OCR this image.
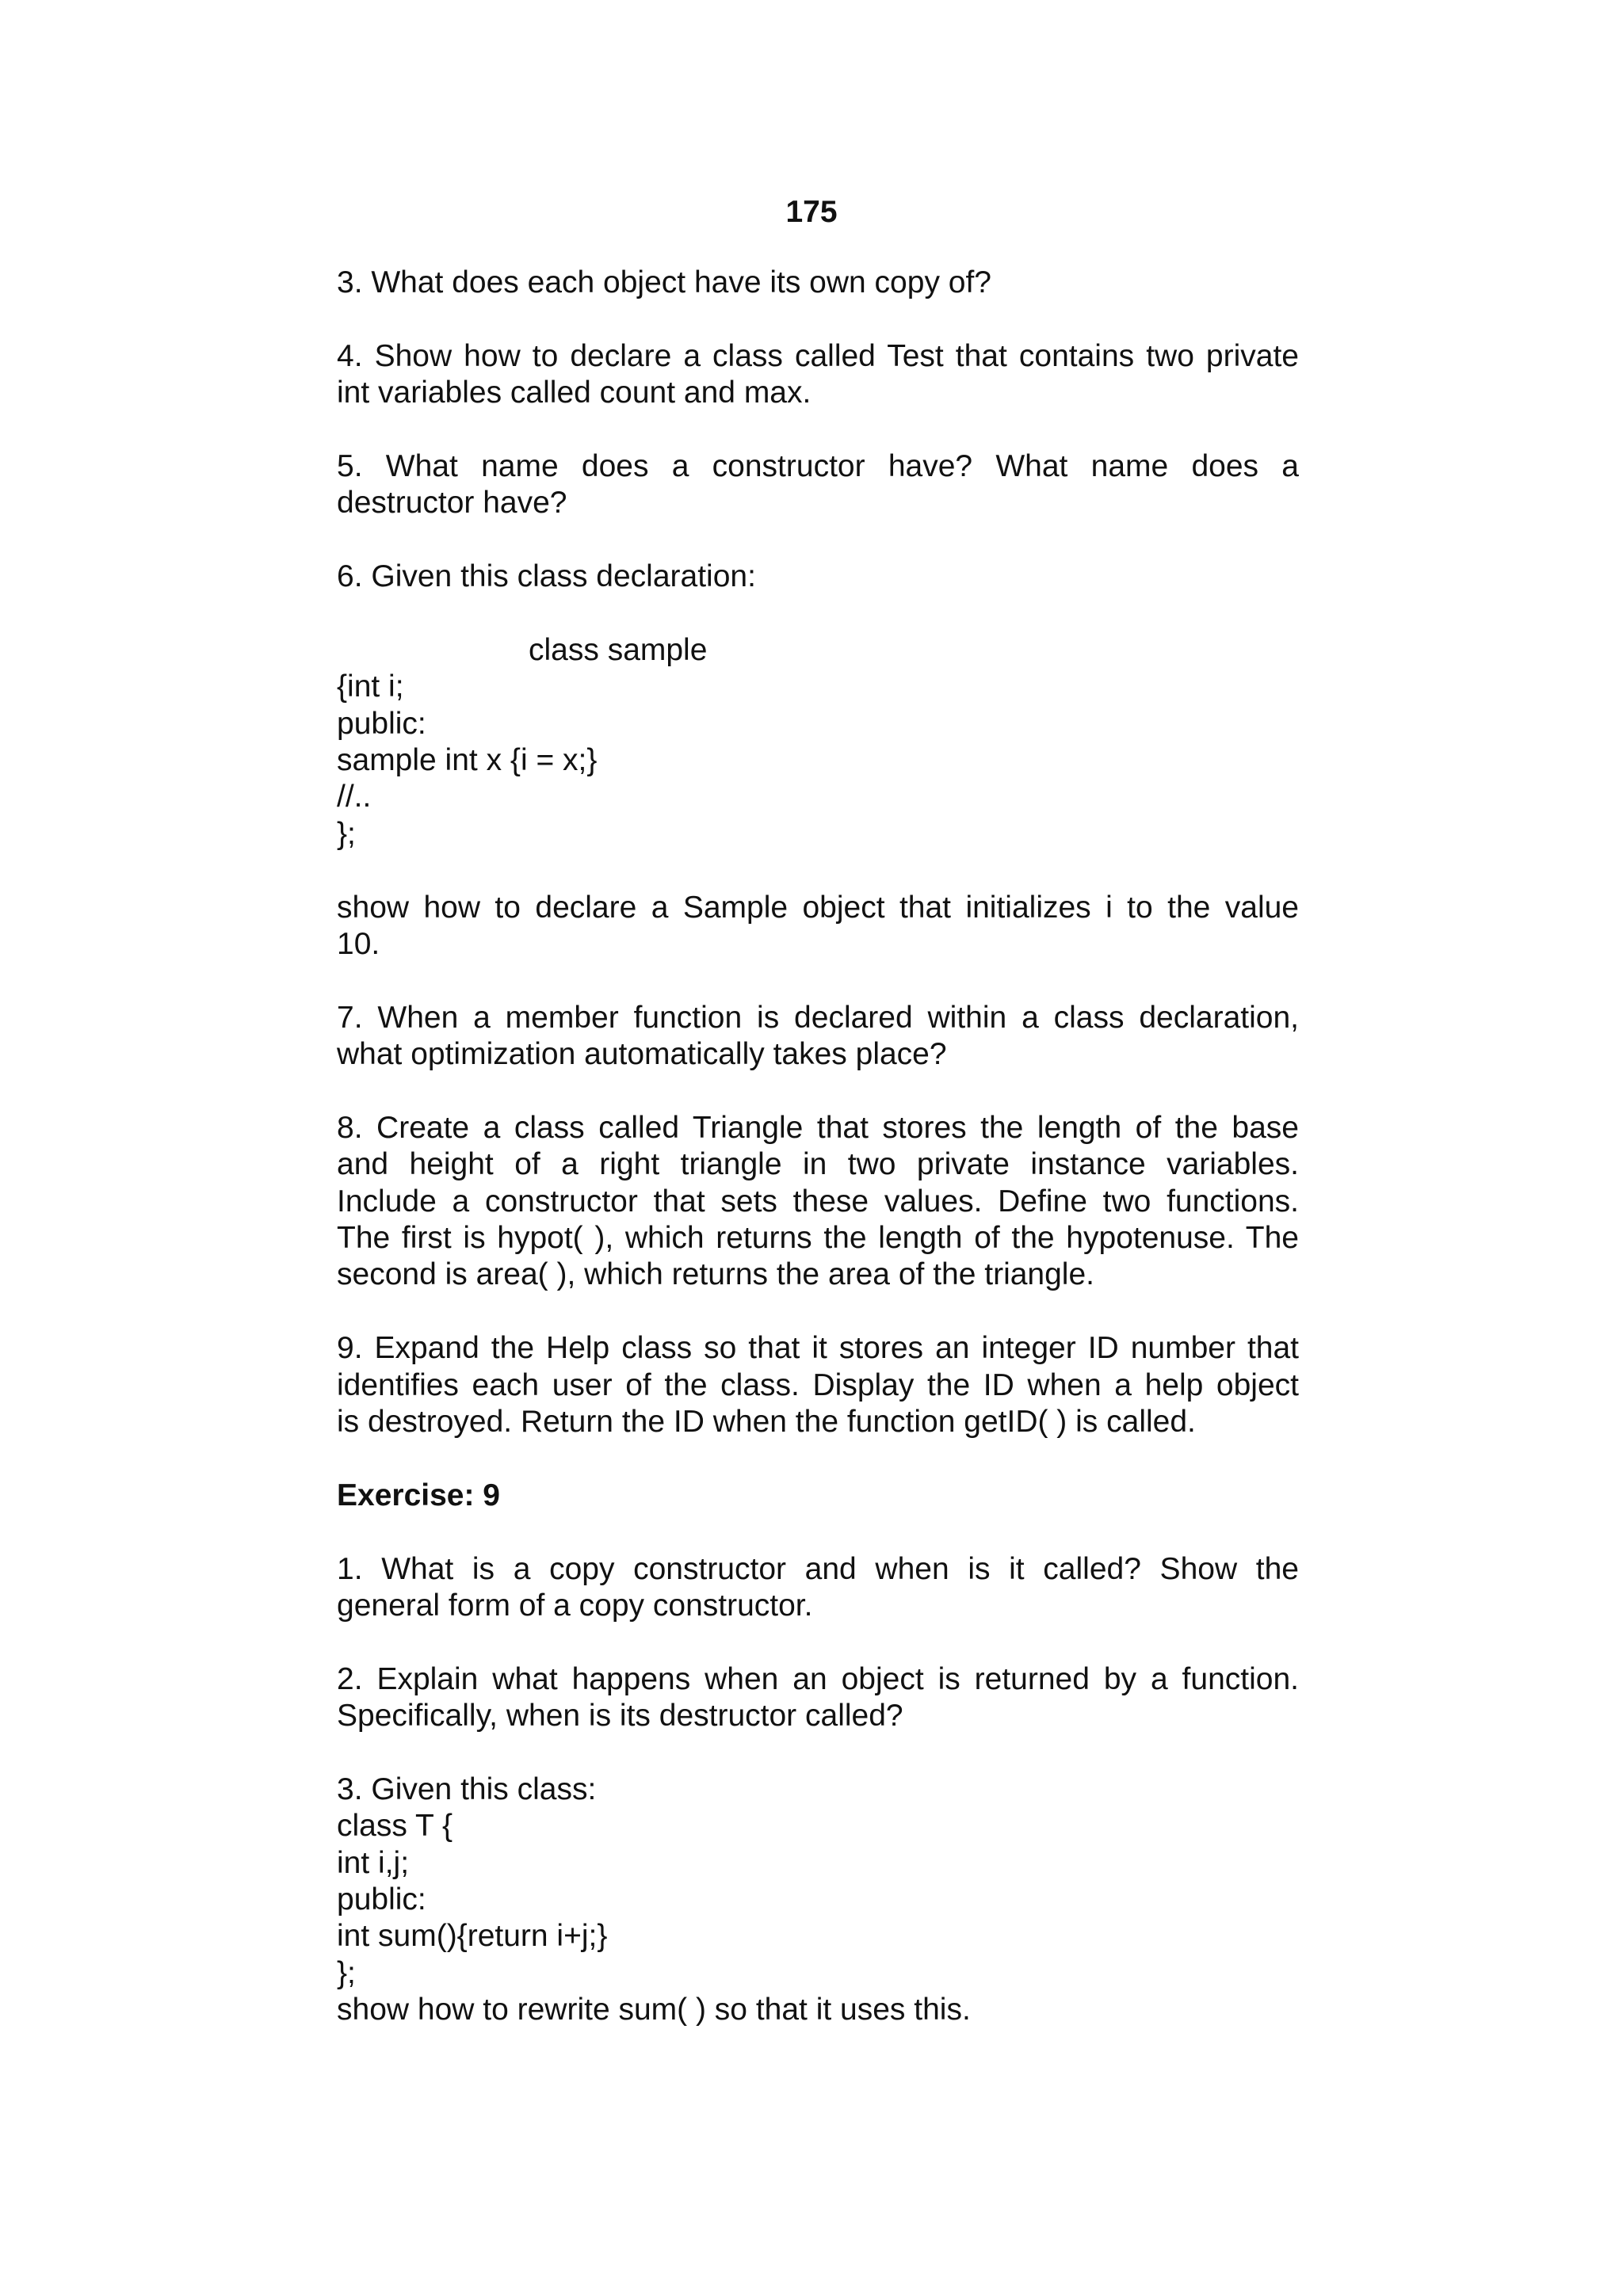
175

3. What does each object have its own copy of?

4. Show how to declare a class called Test that contains two private

int variables called count and max.

5. What name does a constructor have? What name does a

destructor have?

6. Given this class declaration:

class sample

{int i;

public:

sample int x {i = x;}

//..

};

show how to declare a Sample object that initializes i to the value

10.

7. When a member function is declared within a class declaration,

what optimization automatically takes place?

8. Create a class called Triangle that stores the length of the base

and height of a right triangle in two private instance variables.

Include a constructor that sets these values. Define two functions.

The first is hypot( ), which returns the length of the hypotenuse. The

second is area( ), which returns the area of the triangle.

9. Expand the Help class so that it stores an integer ID number that

identifies each user of the class. Display the ID when a help object

is destroyed. Return the ID when the function getID( ) is called.

Exercise: 9

1. What is a copy constructor and when is it called? Show the

general form of a copy constructor.

2. Explain what happens when an object is returned by a function.

Specifically, when is its destructor called?

3. Given this class:

class T {

int i,j;

public:

int sum(){return i+j;}

};

show how to rewrite sum( ) so that it uses this.
